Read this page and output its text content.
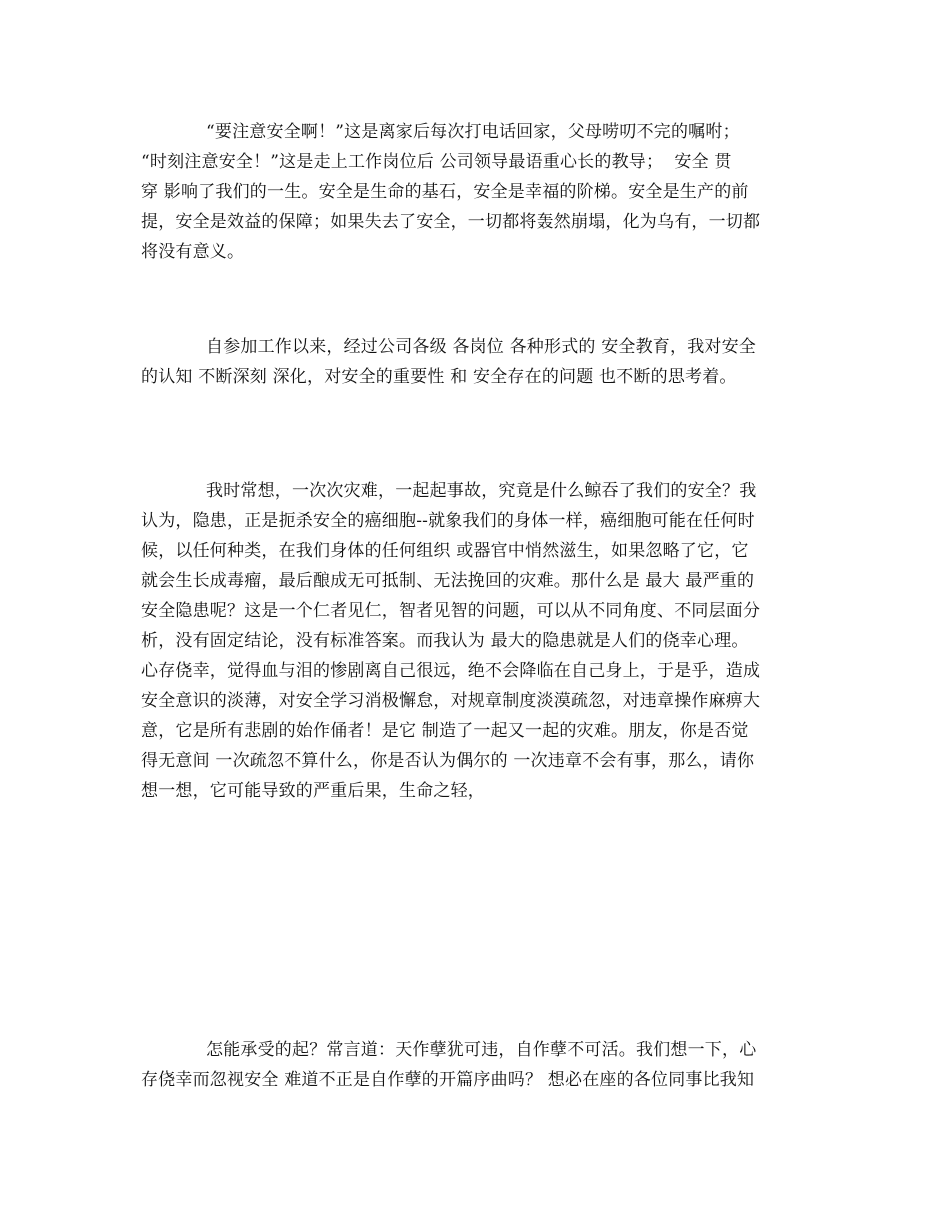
“要注意安全啊！”这是离家后每次打电话回家，父母唠叨不完的嘱咐；
“时刻注意安全！”这是走上工作岗位后 公司领导最语重心长的教导；  安全 贯
穿 影响了我们的一生。安全是生命的基石，安全是幸福的阶梯。安全是生产的前
提，安全是效益的保障；如果失去了安全，一切都将轰然崩塌，化为乌有，一切都
将没有意义。
自参加工作以来，经过公司各级 各岗位 各种形式的 安全教育，我对安全
的认知 不断深刻 深化，对安全的重要性 和 安全存在的问题 也不断的思考着。
我时常想，一次次灾难，一起起事故，究竟是什么鲸吞了我们的安全？我
认为，隐患，正是扼杀安全的癌细胞--就象我们的身体一样，癌细胞可能在任何时
候，以任何种类，在我们身体的任何组织 或器官中悄然滋生，如果忽略了它，它
就会生长成毒瘤，最后酿成无可抵制、无法挽回的灾难。那什么是 最大 最严重的
安全隐患呢？这是一个仁者见仁，智者见智的问题，可以从不同角度、不同层面分
析，没有固定结论，没有标准答案。而我认为 最大的隐患就是人们的侥幸心理。
心存侥幸，觉得血与泪的惨剧离自己很远，绝不会降临在自己身上，于是乎，造成
安全意识的淡薄，对安全学习消极懈怠，对规章制度淡漠疏忽，对违章操作麻痹大
意，它是所有悲剧的始作俑者！是它 制造了一起又一起的灾难。朋友，你是否觉
得无意间 一次疏忽不算什么，你是否认为偶尔的 一次违章不会有事，那么，请你
想一想，它可能导致的严重后果，生命之轻，
怎能承受的起？常言道：天作孽犹可违，自作孽不可活。我们想一下，心
存侥幸而忽视安全 难道不正是自作孽的开篇序曲吗？ 想必在座的各位同事比我知
